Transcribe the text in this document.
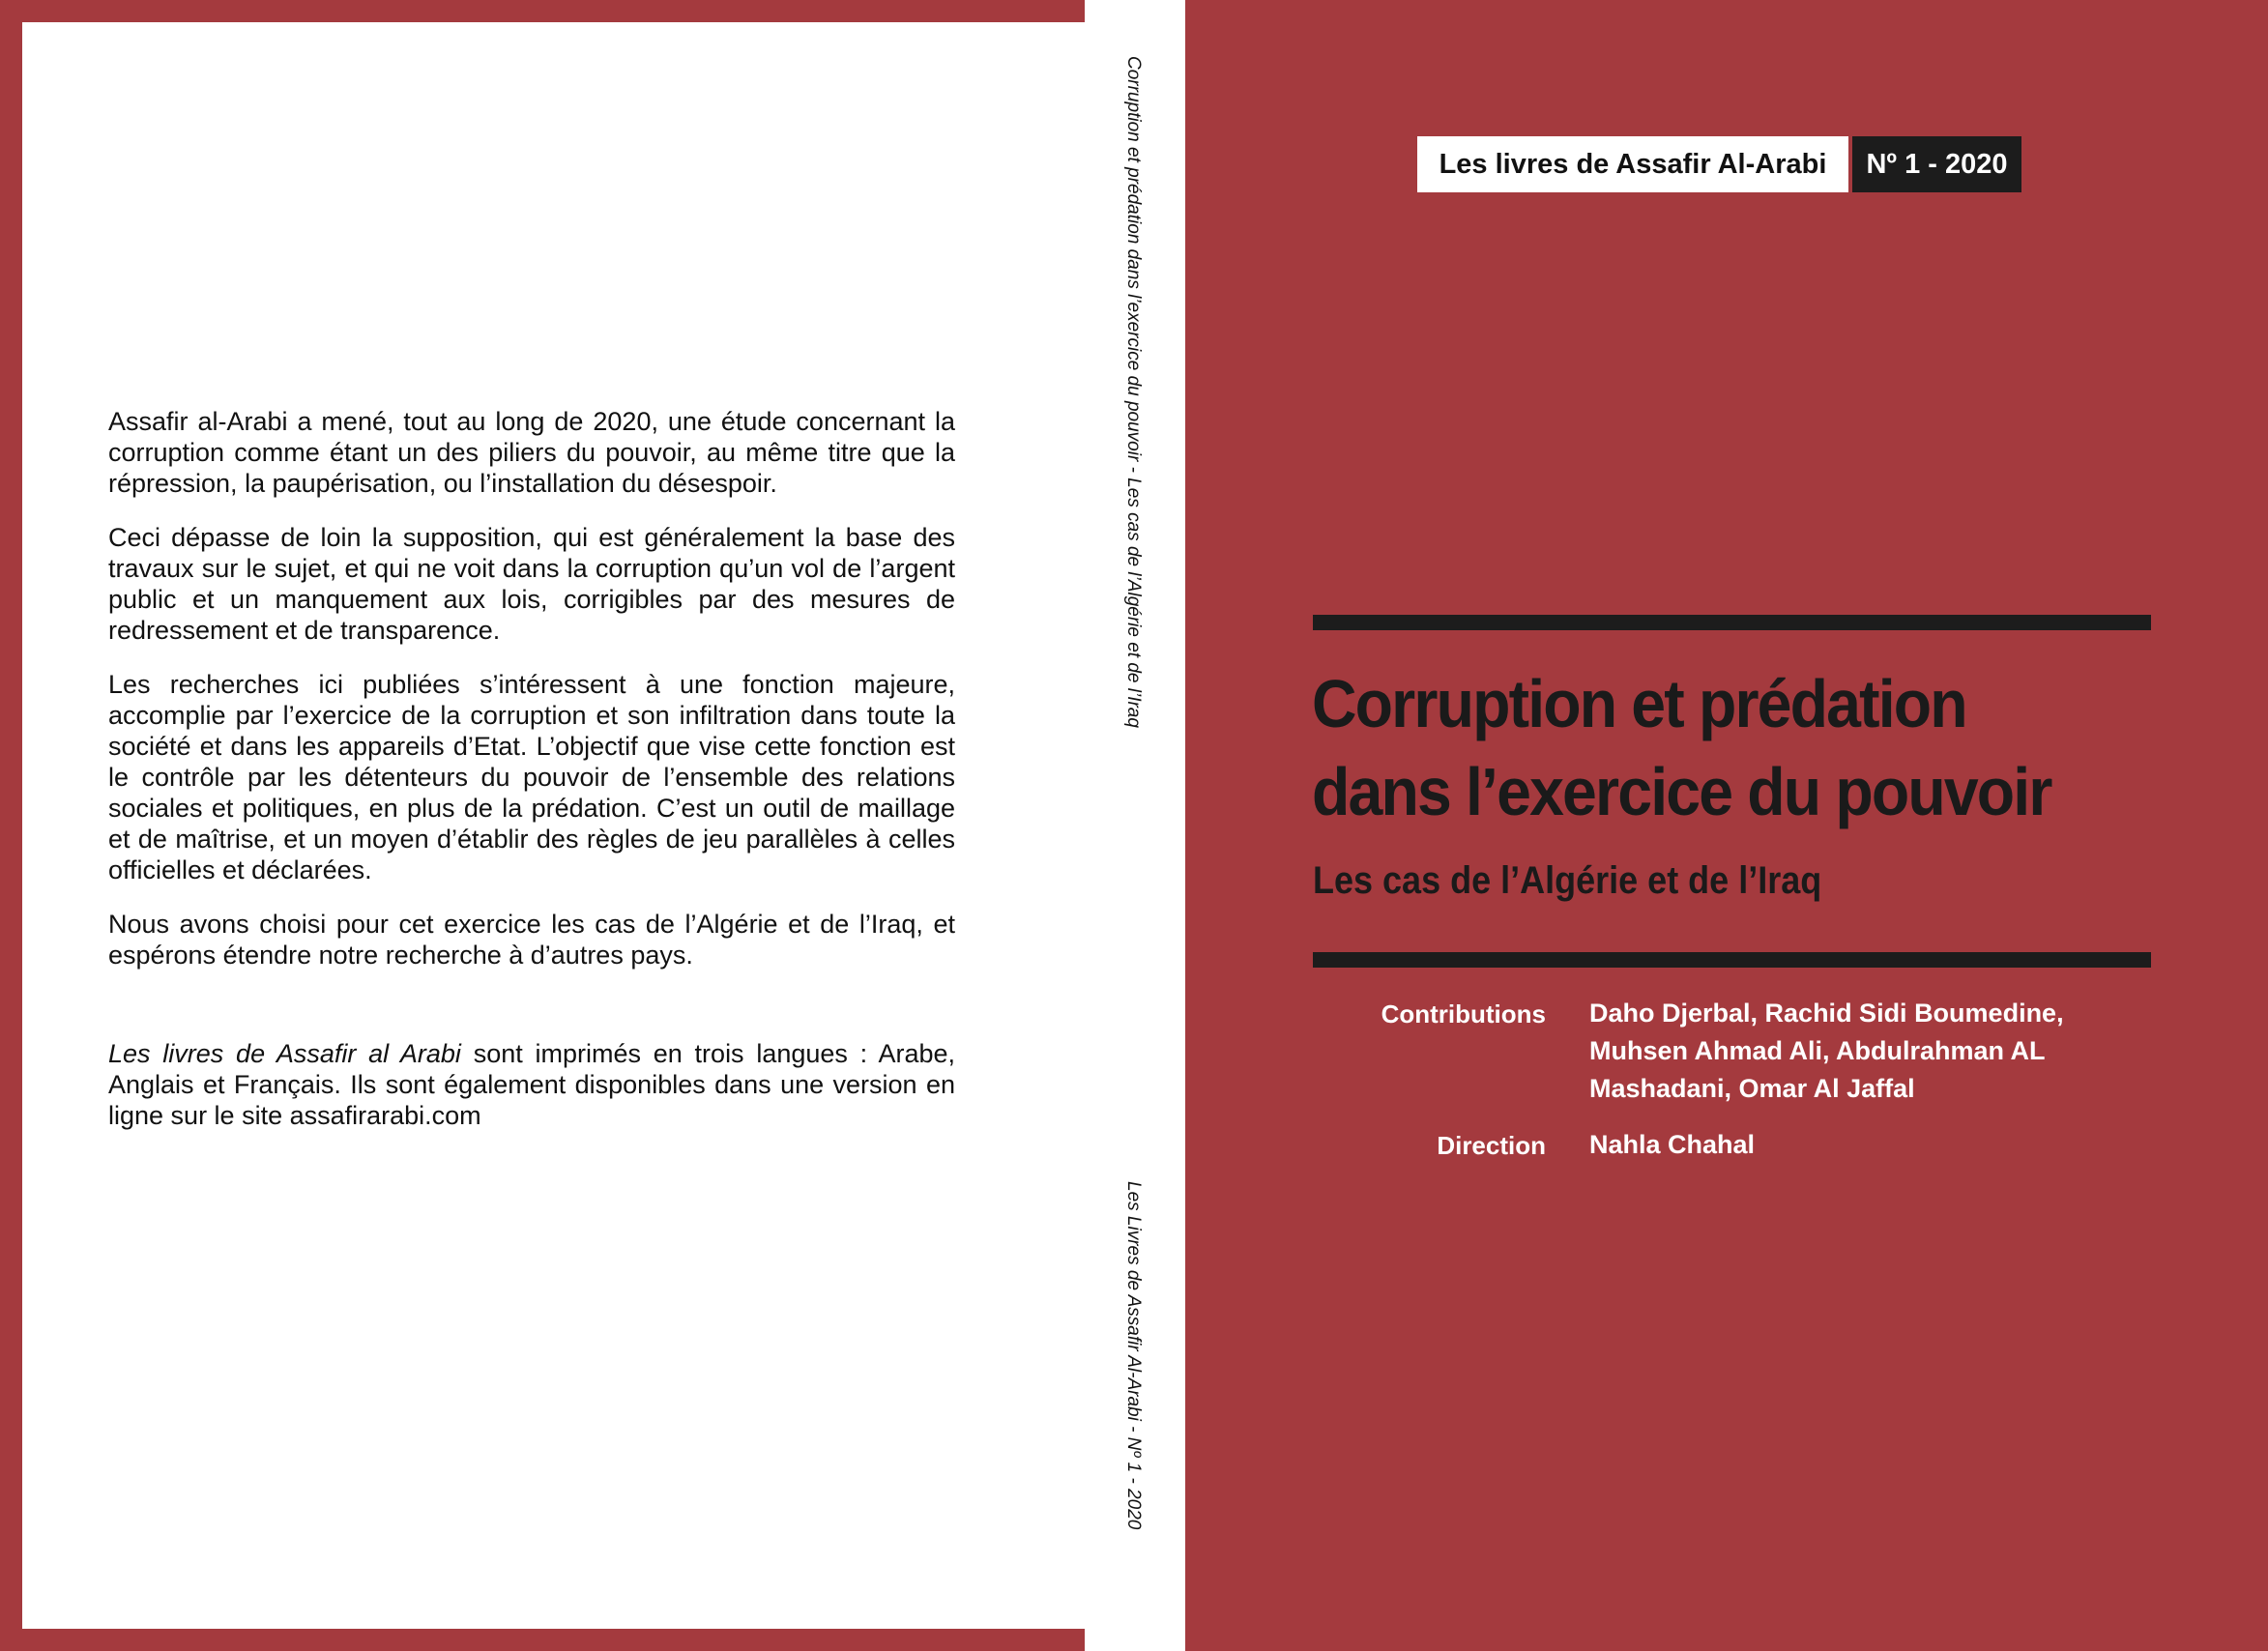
Assafir al-Arabi a mené, tout au long de 2020, une étude concernant la corruption comme étant un des piliers du pouvoir, au même titre que la répression, la paupérisation, ou l’installation du désespoir.

Ceci dépasse de loin la supposition, qui est généralement la base des travaux sur le sujet, et qui ne voit dans la corruption qu’un vol de l’argent public et un manquement aux lois, corrigibles par des mesures de redressement et de transparence.

Les recherches ici publiées s’intéressent à une fonction majeure, accomplie par l’exercice de la corruption et son infiltration dans toute la société et dans les appareils d’Etat. L’objectif que vise cette fonction est le contrôle par les détenteurs du pouvoir de l’ensemble des relations sociales et politiques, en plus de la prédation. C’est un outil de maillage et de maîtrise, et un moyen d’établir des règles de jeu parallèles à celles officielles et déclarées.

Nous avons choisi pour cet exercice les cas de l’Algérie et de l’Iraq, et espérons étendre notre recherche à d’autres pays.

Les livres de Assafir al Arabi sont imprimés en trois langues : Arabe, Anglais et Français. Ils sont également disponibles dans une version en ligne sur le site assafirarabi.com

Corruption et prédation dans l’exercice du pouvoir - Les cas de l’Algérie et de l’Iraq
Les Livres de Assafir Al-Arabi - Nº 1 - 2020
Les livres de Assafir Al-Arabi	Nº 1 - 2020
Corruption et prédation
dans l’exercice du pouvoir
Les cas de l’Algérie et de l’Iraq
Contributions Daho Djerbal, Rachid Sidi Boumedine, Muhsen Ahmad Ali, Abdulrahman AL Mashadani, Omar Al Jaffal
Direction Nahla Chahal
